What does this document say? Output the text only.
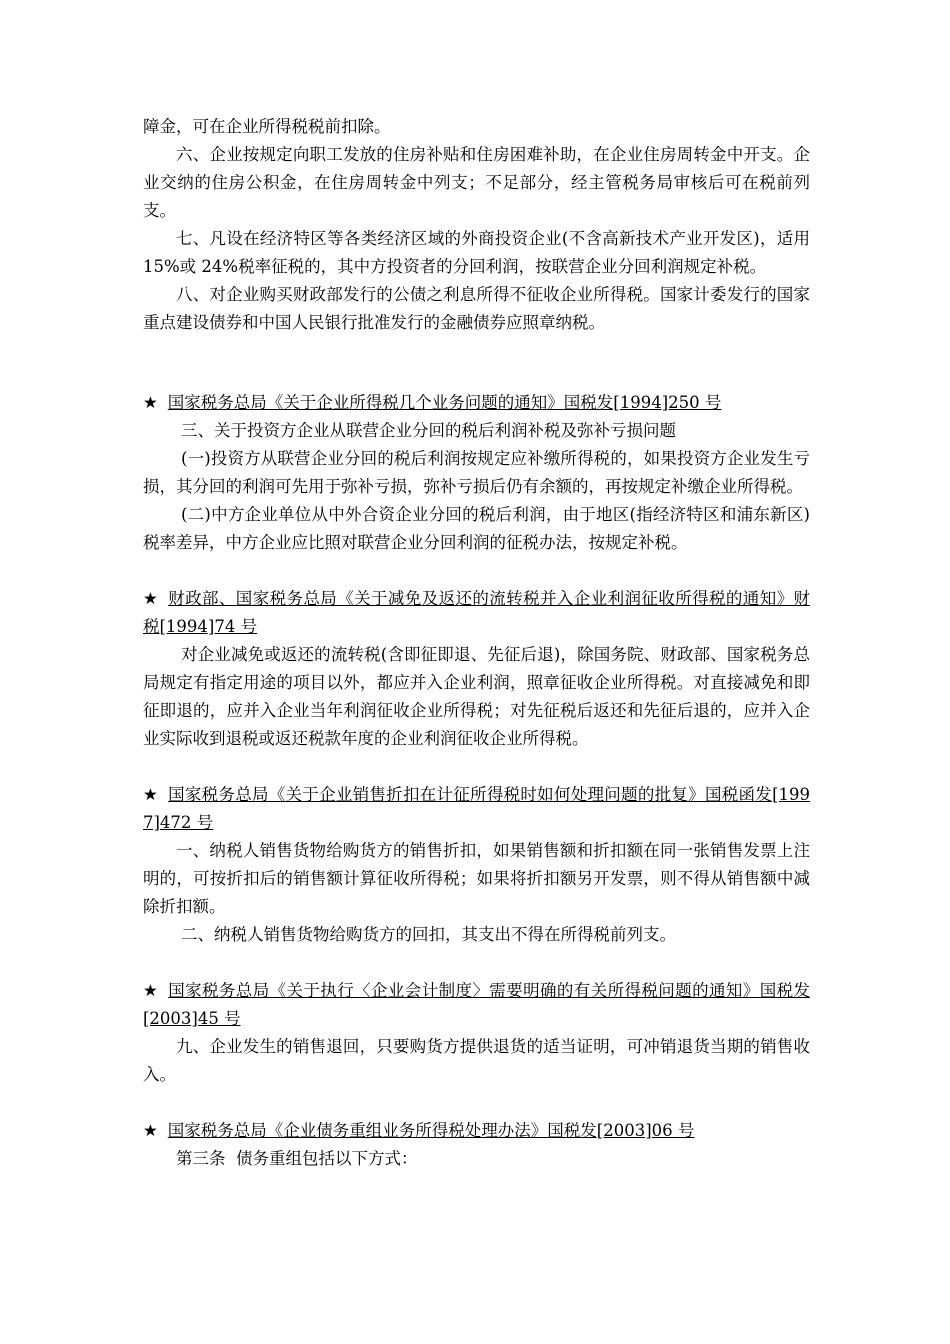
障金，可在企业所得税税前扣除。

六、企业按规定向职工发放的住房补贴和住房困难补助，在企业住房周转金中开支。企业交纳的住房公积金，在住房周转金中列支；不足部分，经主管税务局审核后可在税前列支。

七、凡设在经济特区等各类经济区域的外商投资企业(不含高新技术产业开发区)，适用 15%或 24%税率征税的，其中方投资者的分回利润，按联营企业分回利润规定补税。

八、对企业购买财政部发行的公债之利息所得不征收企业所得税。国家计委发行的国家重点建设债券和中国人民银行批准发行的金融债券应照章纳税。

★ 国家税务总局《关于企业所得税几个业务问题的通知》国税发[1994]250 号

三、关于投资方企业从联营企业分回的税后利润补税及弥补亏损问题

(一)投资方从联营企业分回的税后利润按规定应补缴所得税的，如果投资方企业发生亏损，其分回的利润可先用于弥补亏损，弥补亏损后仍有余额的，再按规定补缴企业所得税。

(二)中方企业单位从中外合资企业分回的税后利润，由于地区(指经济特区和浦东新区)税率差异，中方企业应比照对联营企业分回利润的征税办法，按规定补税。

★ 财政部、国家税务总局《关于减免及返还的流转税并入企业利润征收所得税的通知》财税[1994]74 号

对企业减免或返还的流转税(含即征即退、先征后退)，除国务院、财政部、国家税务总局规定有指定用途的项目以外，都应并入企业利润，照章征收企业所得税。对直接减免和即征即退的，应并入企业当年利润征收企业所得税；对先征税后返还和先征后退的，应并入企业实际收到退税或返还税款年度的企业利润征收企业所得税。

★ 国家税务总局《关于企业销售折扣在计征所得税时如何处理问题的批复》国税函发[1997]472 号

一、纳税人销售货物给购货方的销售折扣，如果销售额和折扣额在同一张销售发票上注明的，可按折扣后的销售额计算征收所得税；如果将折扣额另开发票，则不得从销售额中减除折扣额。

二、纳税人销售货物给购货方的回扣，其支出不得在所得税前列支。

★ 国家税务总局《关于执行〈企业会计制度〉需要明确的有关所得税问题的通知》国税发[2003]45 号

九、企业发生的销售退回，只要购货方提供退货的适当证明，可冲销退货当期的销售收入。

★ 国家税务总局《企业债务重组业务所得税处理办法》国税发[2003]06 号

第三条  债务重组包括以下方式：
